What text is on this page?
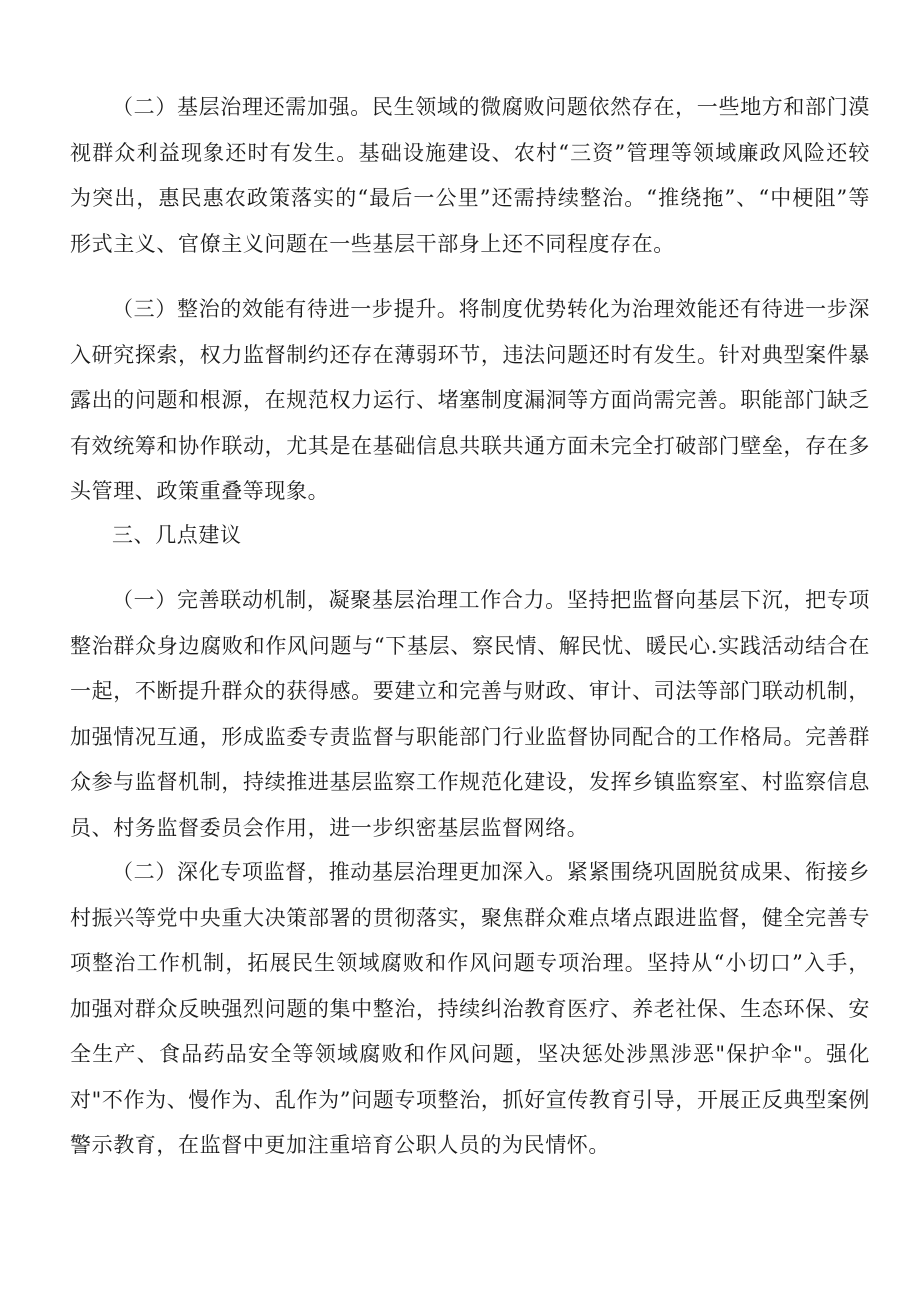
（二）基层治理还需加强。民生领域的微腐败问题依然存在，一些地方和部门漠视群众利益现象还时有发生。基础设施建设、农村“三资”管理等领域廉政风险还较为突出，惠民惠农政策落实的“最后一公里”还需持续整治。“推绕拖”、“中梗阻”等形式主义、官僚主义问题在一些基层干部身上还不同程度存在。

（三）整治的效能有待进一步提升。将制度优势转化为治理效能还有待进一步深入研究探索，权力监督制约还存在薄弱环节，违法问题还时有发生。针对典型案件暴露出的问题和根源，在规范权力运行、堵塞制度漏洞等方面尚需完善。职能部门缺乏有效统筹和协作联动，尤其是在基础信息共联共通方面未完全打破部门壁垒，存在多头管理、政策重叠等现象。

三、几点建议

（一）完善联动机制，凝聚基层治理工作合力。坚持把监督向基层下沉，把专项整治群众身边腐败和作风问题与“下基层、察民情、解民忧、暖民心.实践活动结合在一起，不断提升群众的获得感。要建立和完善与财政、审计、司法等部门联动机制，加强情况互通，形成监委专责监督与职能部门行业监督协同配合的工作格局。完善群众参与监督机制，持续推进基层监察工作规范化建设，发挥乡镇监察室、村监察信息员、村务监督委员会作用，进一步织密基层监督网络。

（二）深化专项监督，推动基层治理更加深入。紧紧围绕巩固脱贫成果、衔接乡村振兴等党中央重大决策部署的贯彻落实，聚焦群众难点堵点跟进监督，健全完善专项整治工作机制，拓展民生领域腐败和作风问题专项治理。坚持从“小切口”入手，加强对群众反映强烈问题的集中整治，持续纠治教育医疗、养老社保、生态环保、安全生产、食品药品安全等领域腐败和作风问题，坚决惩处涉黑涉恶"保护伞"。强化对"不作为、慢作为、乱作为”问题专项整治，抓好宣传教育引导，开展正反典型案例警示教育，在监督中更加注重培育公职人员的为民情怀。
